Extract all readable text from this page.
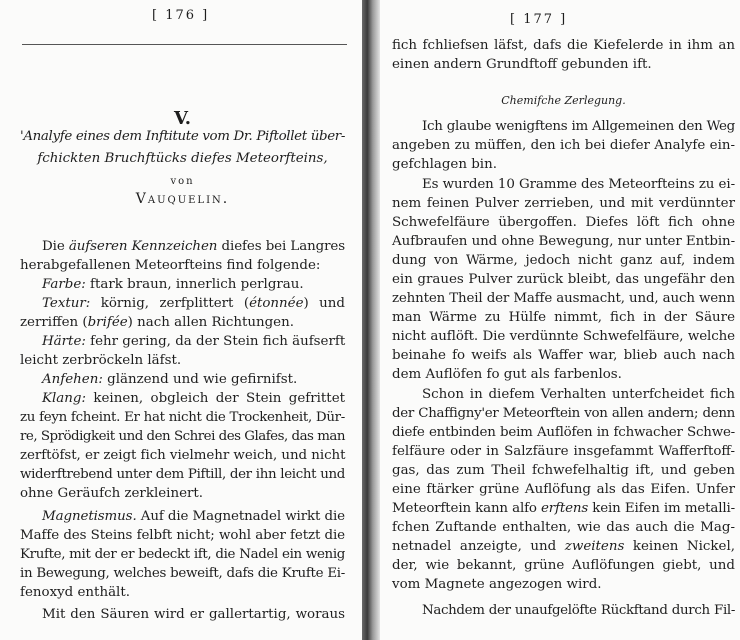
[ 176 ]
V.
'Analyfe eines dem Inftitute vom Dr. Piftollet über-
fchickten Bruchftücks diefes Meteorfteins,
von
Vauquelin.
Die äufseren Kennzeichen diefes bei Langres
herabgefallenen Meteorfteins find folgende:
Farbe: ftark braun, innerlich perlgrau.
Textur: körnig, zerfplittert (étonnée) und
zerriffen (brifée) nach allen Richtungen.
Härte: fehr gering, da der Stein fich äufserft
leicht zerbröckeln läfst.
Anfehen: glänzend und wie gefirnifst.
Klang: keinen, obgleich der Stein gefrittet
zu feyn fcheint. Er hat nicht die Trockenheit, Dür-
re, Sprödigkeit und den Schrei des Glafes, das man
zerftöfst, er zeigt fich vielmehr weich, und nicht
widerftrebend unter dem Piftill, der ihn leicht und
ohne Geräufch zerkleinert.
Magnetismus. Auf die Magnetnadel wirkt die
Maffe des Steins felbft nicht; wohl aber fetzt die
Krufte, mit der er bedeckt ift, die Nadel ein wenig
in Bewegung, welches beweift, dafs die Krufte Ei-
fenoxyd enthält.
Mit den Säuren wird er gallertartig, woraus
[ 177 ]
fich fchliefsen läfst, dafs die Kiefelerde in ihm an
einen andern Grundftoff gebunden ift.
Chemifche Zerlegung.
Ich glaube wenigftens im Allgemeinen den Weg
angeben zu müffen, den ich bei diefer Analyfe ein-
gefchlagen bin.
Es wurden 10 Gramme des Meteorfteins zu ei-
nem feinen Pulver zerrieben, und mit verdünnter
Schwefelfäure übergoffen. Diefes löft fich ohne
Aufbraufen und ohne Bewegung, nur unter Entbin-
dung von Wärme, jedoch nicht ganz auf, indem
ein graues Pulver zurück bleibt, das ungefähr den
zehnten Theil der Maffe ausmacht, und, auch wenn
man Wärme zu Hülfe nimmt, fich in der Säure
nicht auflöft. Die verdünnte Schwefelfäure, welche
beinahe fo weifs als Waffer war, blieb auch nach
dem Auflöfen fo gut als farbenlos.
Schon in diefem Verhalten unterfcheidet fich
der Chaffigny'er Meteorftein von allen andern; denn
diefe entbinden beim Auflöfen in fchwacher Schwe-
felfäure oder in Salzfäure insgefammt Wafferftoff-
gas, das zum Theil fchwefelhaltig ift, und geben
eine ftärker grüne Auflöfung als das Eifen. Unfer
Meteorftein kann alfo erftens kein Eifen im metalli-
fchen Zuftande enthalten, wie das auch die Mag-
netnadel anzeigte, und zweitens keinen Nickel,
der, wie bekannt, grüne Auflöfungen giebt, und
vom Magnete angezogen wird.
Nachdem der unaufgelöfte Rückftand durch Fil-
